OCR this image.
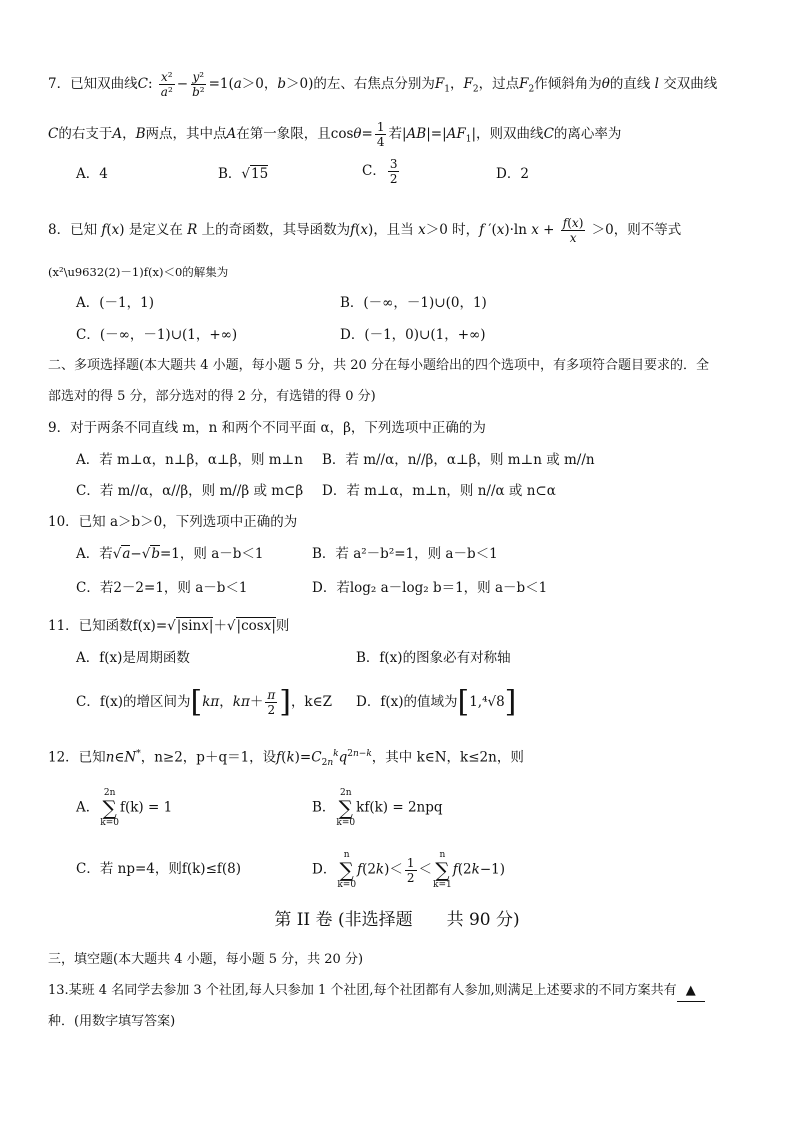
7．已知双曲线C: $\frac{\text{x²}}{\text{a²}} - \frac{\text{y²}}{\text{b²}} =1(a>0$，b＞0)的左、右焦点分别为$F_1$，$F_2$，过点$F_2$作倾斜角为θ的直线 l 交双曲线
C的右支于A，B两点，其中点A在第一象限，且$\cos\theta= \frac{1}{4}$ 若$|AB|=|AF_1|$，则双曲线C的离心率为
A．4	B．√15	C． $\frac{3}{2}$	D．2
8．已知 f(x) 是定义在 R 上的奇函数，其导函数为f(x)，且当 x＞0 时，f ′(x)·ln $x + \frac{f(x)}{x} >0$，则不等式
(x²\u9632(2)－1)f(x)＜0的解集为
A．(－1，1)	B．(－∞，－1)∪(0，1)
C．(－∞，－1)∪(1，+∞)	D．(－1，0)∪(1，+∞)
二、多项选择题(本大题共 4 小题，每小题 5 分，共 20 分在每小题给出的四个选项中，有多项符合题目要求的．全
部选对的得 5 分，部分选对的得 2 分，有选错的得 0 分)
9．对于两条不同直线 m，n 和两个不同平面 α，β，下列选项中正确的为
A．若 m⊥α，n⊥β，α⊥β，则 m⊥n B．若 m//α，n//β，α⊥β，则 m⊥n 或 m//n
C．若 m//α，α//β，则 m//β 或 m⊂β D．若 m⊥α，m⊥n，则 n//α 或 n⊂α
10．已知 a＞b＞0，下列选项中正确的为
A．若√a−√b=1，则 a－b＜1	B．若 a²－b²=1，则 a－b＜1
C．若2－2=1，则 a－b＜1	D．若log₂ a－log₂ b＝1，则 a－b＜1
11．已知函数f(x)=√|sinx|＋√|cosx|则
A．f(x)是周期函数	B．f(x)的图象必有对称轴
C．f(x)的增区间为[kπ，$k\pi+ \frac{\pi}{2}$ ]，k∈Z D．f(x)的值域为[1,⁴√8]
12．已知n∈N*，n≥2，p＋q＝1，设$f(k)=C_{2n}^kq^{2n-k}$，其中 k∈N，k≤2n，则
A．
2n
∑
k=0
f(k) = 1	B．
2n
∑
k=0
kf(k) = 2npq
C．若 np=4，则f(k)≤f(8)	D．
n
∑
k=0
$f(2k)< \frac{1}{2}$ ＜
n
∑
k=1
f(2k−1)
第 II 卷 (非选择题　　共 90 分)
三，填空题(本大题共 4 小题，每小题 5 分，共 20 分)
13.某班 4 名同学去参加 3 个社团,每人只参加 1 个社团,每个社团都有人参加,则满足上述要求的不同方案共有 ▲
种．(用数字填写答案)
